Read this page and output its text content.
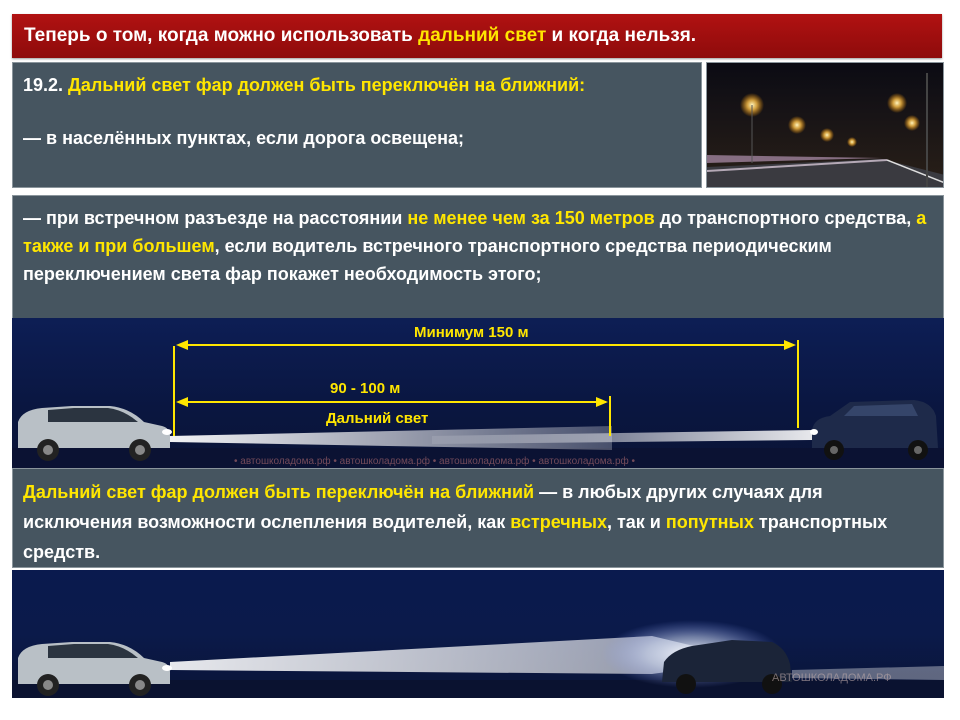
Теперь о том, когда можно использовать дальний свет и когда нельзя.
19.2. Дальний свет фар должен быть переключён на ближний:
— в населённых пунктах, если дорога освещена;
— при встречном разъезде на расстоянии не менее чем за 150 метров до транспортного средства, а также и при большем, если водитель встречного транспортного средства периодическим переключением света фар покажет необходимость этого;
Минимум 150 м
90 - 100 м
Дальний свет
• автошколадома.рф • автошколадома.рф • автошколадома.рф • автошколадома.рф •
Дальний свет фар должен быть переключён на ближний — в любых других случаях для исключения возможности ослепления водителей, как встречных, так и попутных транспортных средств.
АВТОШКОЛАДОМА.РФ
